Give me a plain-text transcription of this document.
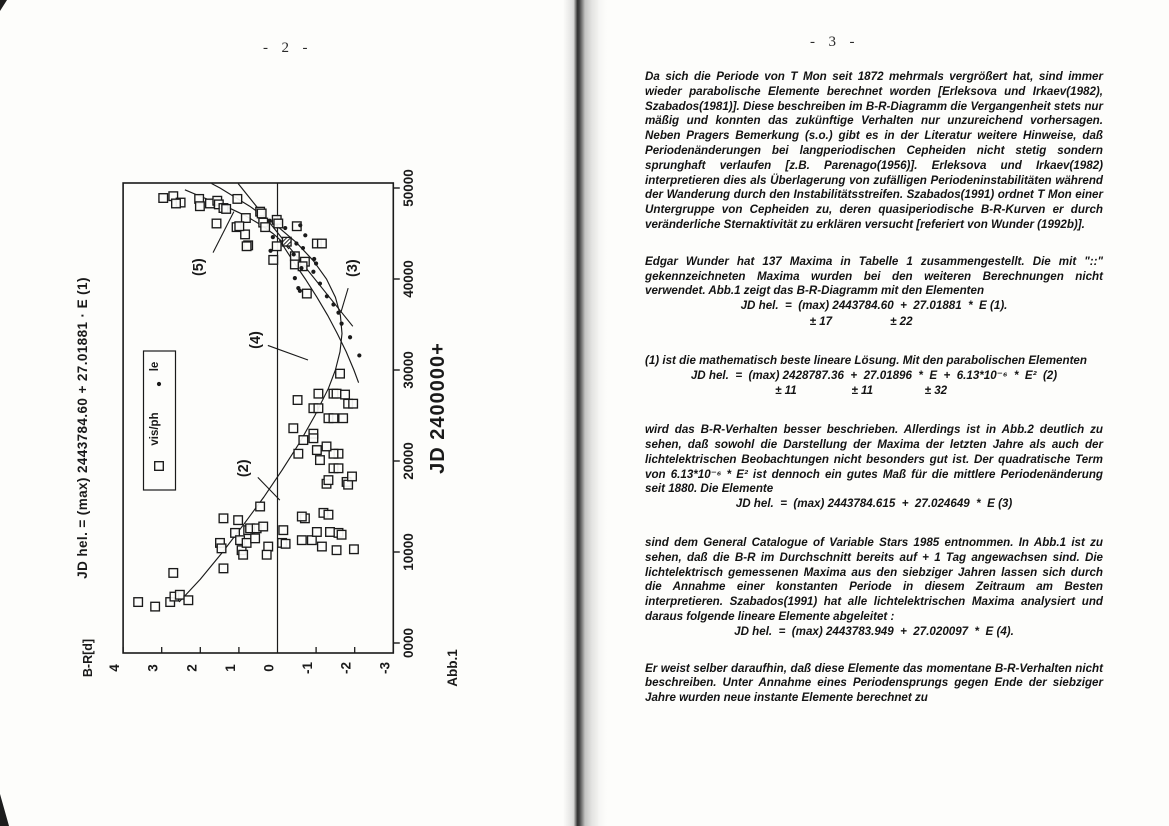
-  2  -	-  3  -
0000
10000
20000
30000
40000
50000
JD 2400000+
4 3 2 1 0 -1 -2 -3
B-R[d]
JD hel. = (max) 2443784.60 + 27.01881 · E (1)
(5)
(4)
(3)
(2)
le
vis/ph
Abb.1

Da sich die Periode von T Mon seit 1872 mehrmals vergrößert hat, sind immer wieder parabolische Elemente berechnet worden [Erleksova und Irkaev(1982), Szabados(1981)]. Diese beschreiben im B-R-Diagramm die Vergangenheit stets nur mäßig und konnten das zukünftige Verhalten nur unzureichend vorhersagen. Neben Pragers Bemerkung (s.o.) gibt es in der Literatur weitere Hinweise, daß Periodenänderungen bei langperiodischen Cepheiden nicht stetig sondern sprunghaft verlaufen [z.B. Parenago(1956)]. Erleksova und Irkaev(1982) interpretieren dies als Überlagerung von zufälligen Periodeninstabilitäten während der Wanderung durch den Instabilitätsstreifen. Szabados(1991) ordnet T Mon einer Untergruppe von Cepheiden zu, deren quasiperiodische B-R-Kurven er durch veränderliche Sternaktivität zu erklären versucht [referiert von Wunder (1992b)].

Edgar Wunder hat 137 Maxima in Tabelle 1 zusammengestellt. Die mit "::" gekennzeichneten Maxima wurden bei den weiteren Berechnungen nicht verwendet. Abb.1 zeigt das B-R-Diagramm mit den Elementen

JD hel.  =  (max) 2443784.60  +  27.01881  *  E (1).

± 17                  ± 22

(1) ist die mathematisch beste lineare Lösung. Mit den parabolischen Elementen

JD hel.  =  (max) 2428787.36  +  27.01896  *  E  +  6.13*10⁻⁶  *  E²  (2)

± 11                 ± 11                ± 32

wird das B-R-Verhalten besser beschrieben. Allerdings ist in Abb.2 deutlich zu sehen, daß sowohl die Darstellung der Maxima der letzten Jahre als auch der lichtelektrischen Beobachtungen nicht besonders gut ist. Der quadratische Term von 6.13*10⁻⁶ * E² ist dennoch ein gutes Maß für die mittlere Periodenänderung seit 1880. Die Elemente

JD hel.  =  (max) 2443784.615  +  27.024649  *  E (3)

sind dem General Catalogue of Variable Stars 1985 entnommen. In Abb.1 ist zu sehen, daß die B-R im Durchschnitt bereits auf + 1 Tag angewachsen sind. Die lichtelektrisch gemessenen Maxima aus den siebziger Jahren lassen sich durch die Annahme einer konstanten Periode in diesem Zeitraum am Besten interpretieren. Szabados(1991) hat alle lichtelektrischen Maxima analysiert und daraus folgende lineare Elemente abgeleitet :

JD hel.  =  (max) 2443783.949  +  27.020097  *  E (4).

Er weist selber daraufhin, daß diese Elemente das momentane B-R-Verhalten nicht beschreiben. Unter Annahme eines Periodensprungs gegen Ende der siebziger Jahre wurden neue instante Elemente berechnet zu
